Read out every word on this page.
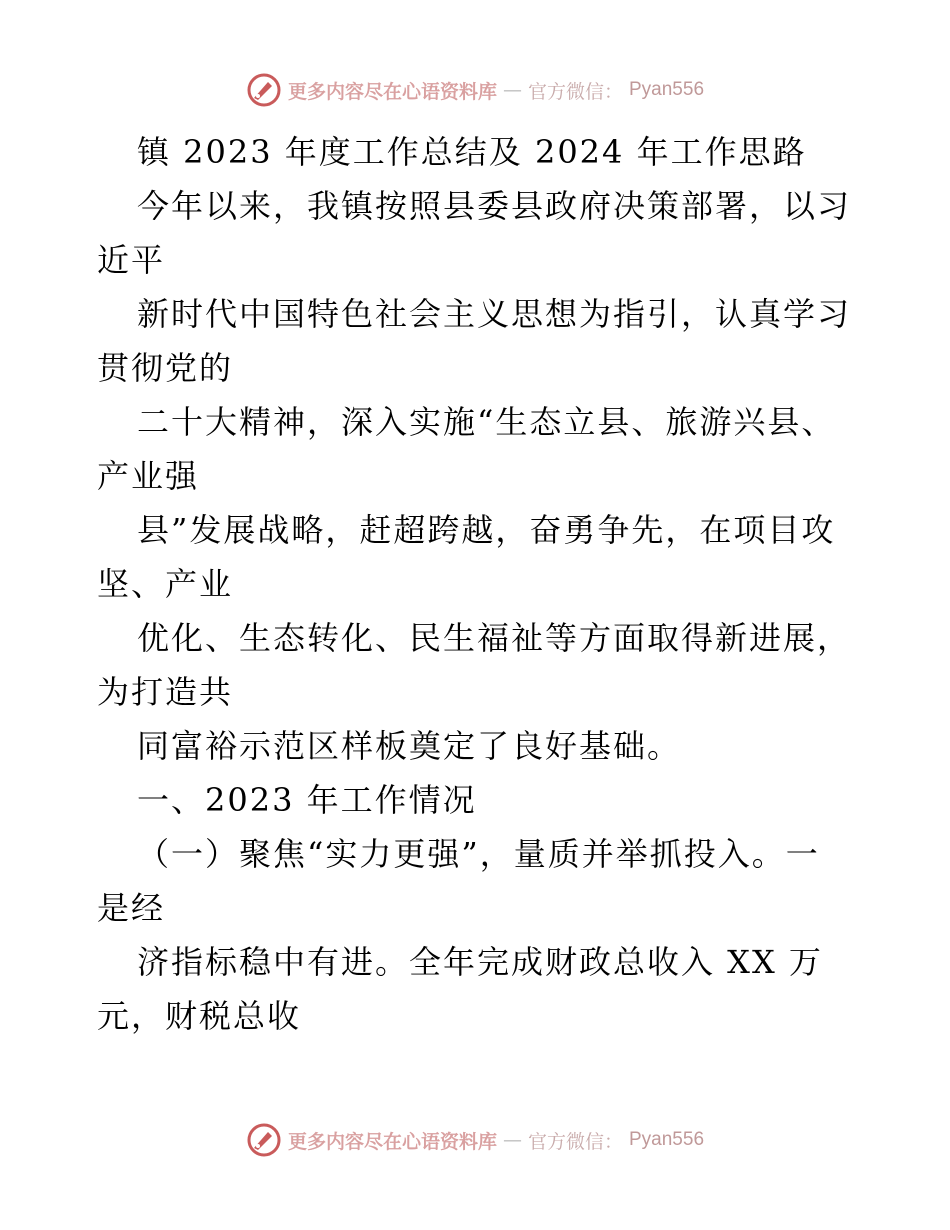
更多内容尽在心语资料库 — 官方微信： Pyan556
镇 2023 年度工作总结及 2024 年工作思路
今年以来，我镇按照县委县政府决策部署，以习
近平
新时代中国特色社会主义思想为指引，认真学习
贯彻党的
二十大精神，深入实施“生态立县、旅游兴县、
产业强
县”发展战略，赶超跨越，奋勇争先，在项目攻
坚、产业
优化、生态转化、民生福祉等方面取得新进展，
为打造共
同富裕示范区样板奠定了良好基础。
一、2023 年工作情况
（一）聚焦“实力更强”，量质并举抓投入。一
是经
济指标稳中有进。全年完成财政总收入 XX 万
元，财税总收
更多内容尽在心语资料库 — 官方微信： Pyan556
